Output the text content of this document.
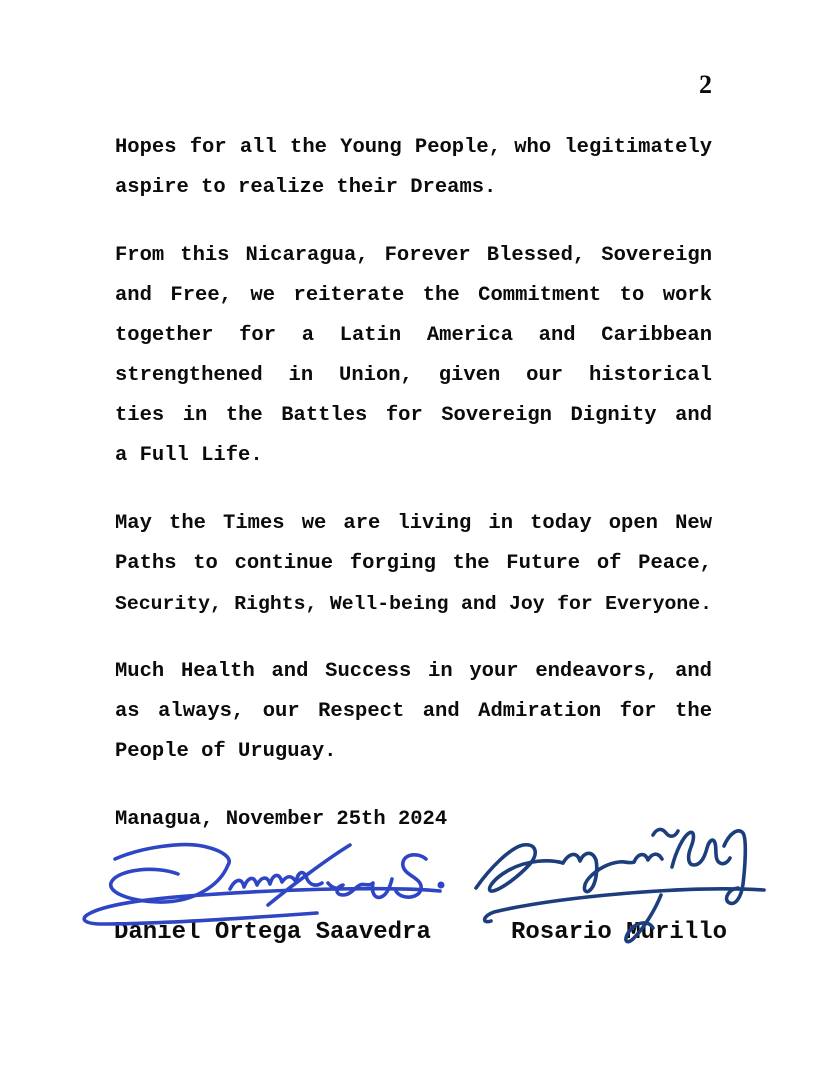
2
Hopes for all the Young People, who legitimately
aspire to realize their Dreams.
From this Nicaragua, Forever Blessed, Sovereign
and Free, we reiterate the Commitment to work
together for a Latin America and Caribbean
strengthened in Union, given our historical
ties in the Battles for Sovereign Dignity and
a Full Life.
May the Times we are living in today open New
Paths to continue forging the Future of Peace,
Security, Rights, Well-being and Joy for Everyone.
Much Health and Success in your endeavors, and
as always, our Respect and Admiration for the
People of Uruguay.
Managua, November 25th 2024
Daniel Ortega Saavedra	Rosario Murillo
